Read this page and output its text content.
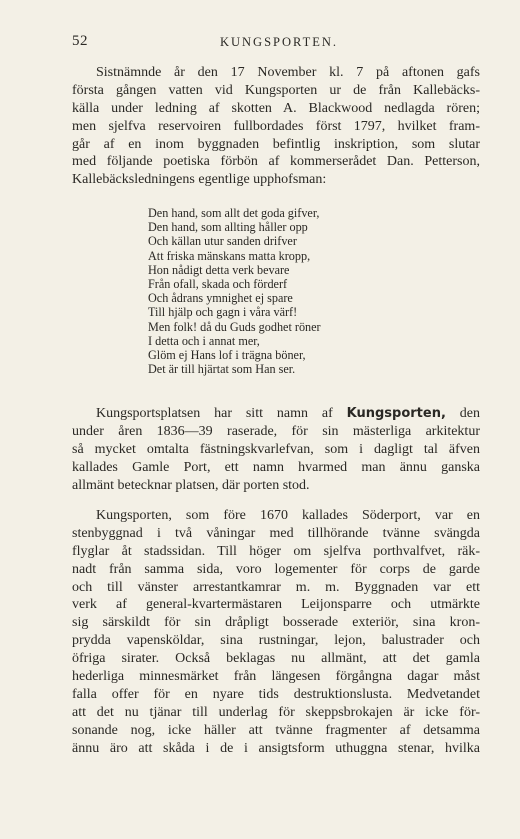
52	KUNGSPORTEN.
Sistnämnde år den 17 November kl. 7 på aftonen gafs
första gången vatten vid Kungsporten ur de från Kallebäcks-
källa under ledning af skotten A. Blackwood nedlagda rören;
men sjelfva reservoiren fullbordades först 1797, hvilket fram-
går af en inom byggnaden befintlig inskription, som slutar
med följande poetiska förbön af kommerserådet Dan. Petterson,
Kallebäcksledningens egentlige upphofsman:
Den hand, som allt det goda gifver,
Den hand, som allting håller opp
Och källan utur sanden drifver
Att friska mänskans matta kropp,
Hon nådigt detta verk bevare
Från ofall, skada och förderf
Och ådrans ymnighet ej spare
Till hjälp och gagn i våra värf!
Men folk! då du Guds godhet röner
I detta och i annat mer,
Glöm ej Hans lof i trägna böner,
Det är till hjärtat som Han ser.
Kungsportsplatsen har sitt namn af Kungsporten, den
under åren 1836—39 raserade, för sin mästerliga arkitektur
så mycket omtalta fästningskvarlefvan, som i dagligt tal äfven
kallades Gamle Port, ett namn hvarmed man ännu ganska
allmänt betecknar platsen, där porten stod.
Kungsporten, som före 1670 kallades Söderport, var en
stenbyggnad i två våningar med tillhörande tvänne svängda
flyglar åt stadssidan. Till höger om sjelfva porthvalfvet, räk-
nadt från samma sida, voro logementer för corps de garde
och till vänster arrestantkamrar m. m. Byggnaden var ett
verk af general-kvartermästaren Leijonsparre och utmärkte
sig särskildt för sin dråpligt bosserade exteriör, sina kron-
prydda vapensköldar, sina rustningar, lejon, balustrader och
öfriga sirater. Också beklagas nu allmänt, att det gamla
hederliga minnesmärket från längesen förgångna dagar måst
falla offer för en nyare tids destruktionslusta. Medvetandet
att det nu tjänar till underlag för skeppsbrokajen är icke för-
sonande nog, icke häller att tvänne fragmenter af detsamma
ännu äro att skåda i de i ansigtsform uthuggna stenar, hvilka
